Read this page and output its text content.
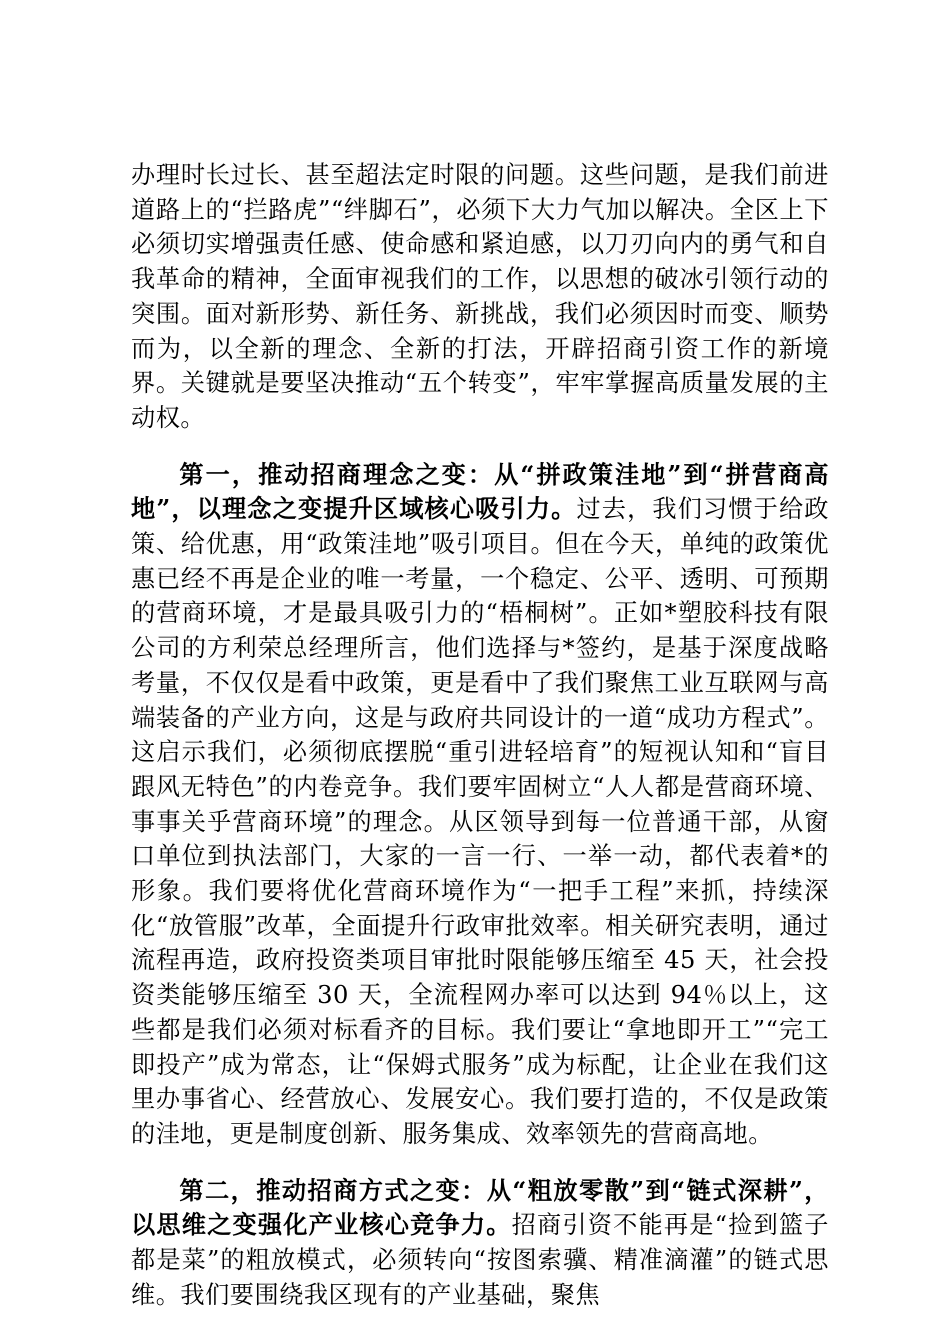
办理时长过长、甚至超法定时限的问题。这些问题，是我们前进道路上的“拦路虎”“绊脚石”，必须下大力气加以解决。全区上下必须切实增强责任感、使命感和紧迫感，以刀刃向内的勇气和自我革命的精神，全面审视我们的工作，以思想的破冰引领行动的突围。面对新形势、新任务、新挑战，我们必须因时而变、顺势而为，以全新的理念、全新的打法，开辟招商引资工作的新境界。关键就是要坚决推动“五个转变”，牢牢掌握高质量发展的主动权。

第一，推动招商理念之变：从“拼政策洼地”到“拼营商高地”，以理念之变提升区域核心吸引力。过去，我们习惯于给政策、给优惠，用“政策洼地”吸引项目。但在今天，单纯的政策优惠已经不再是企业的唯一考量，一个稳定、公平、透明、可预期的营商环境，才是最具吸引力的“梧桐树”。正如*塑胶科技有限公司的方利荣总经理所言，他们选择与*签约，是基于深度战略考量，不仅仅是看中政策，更是看中了我们聚焦工业互联网与高端装备的产业方向，这是与政府共同设计的一道“成功方程式”。这启示我们，必须彻底摆脱“重引进轻培育”的短视认知和“盲目跟风无特色”的内卷竞争。我们要牢固树立“人人都是营商环境、事事关乎营商环境”的理念。从区领导到每一位普通干部，从窗口单位到执法部门，大家的一言一行、一举一动，都代表着*的形象。我们要将优化营商环境作为“一把手工程”来抓，持续深化“放管服”改革，全面提升行政审批效率。相关研究表明，通过流程再造，政府投资类项目审批时限能够压缩至 45 天，社会投资类能够压缩至 30 天，全流程网办率可以达到 94％以上，这些都是我们必须对标看齐的目标。我们要让“拿地即开工”“完工即投产”成为常态，让“保姆式服务”成为标配，让企业在我们这里办事省心、经营放心、发展安心。我们要打造的，不仅是政策的洼地，更是制度创新、服务集成、效率领先的营商高地。

第二，推动招商方式之变：从“粗放零散”到“链式深耕”，以思维之变强化产业核心竞争力。招商引资不能再是“捡到篮子都是菜”的粗放模式，必须转向“按图索骥、精准滴灌”的链式思维。我们要围绕我区现有的产业基础，聚焦
